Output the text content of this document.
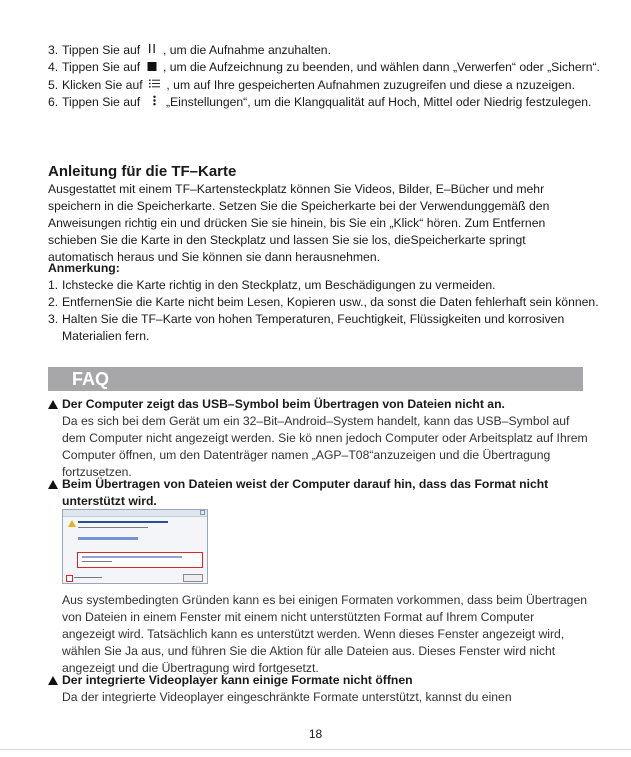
3. Tippen Sie auf , um die Aufnahme anzuhalten.
4. Tippen Sie auf , um die Aufzeichnung zu beenden, und wählen dann „Verwerfen“ oder „Sichern“.
5. Klicken Sie auf , um auf Ihre gespeicherten Aufnahmen zuzugreifen und diese a nzuzeigen.
6. Tippen Sie auf „Einstellungen“, um die Klangqualität auf Hoch, Mittel oder Niedrig festzulegen.
Anleitung für die TF–Karte

Ausgestattet mit einem TF–Kartensteckplatz können Sie Videos, Bilder, E–Bücher und mehr speichern in die Speicherkarte. Setzen Sie die Speicherkarte bei der Verwendunggemäß den Anweisungen richtig ein und drücken Sie sie hinein, bis Sie ein „Klick“ hören. Zum Entfernen schieben Sie die Karte in den Steckplatz und lassen Sie sie los, dieSpeicherkarte springt automatisch heraus und Sie können sie dann herausnehmen.

Anmerkung:

1. Ichstecke die Karte richtig in den Steckplatz, um Beschädigungen zu vermeiden.
2. EntfernenSie die Karte nicht beim Lesen, Kopieren usw., da sonst die Daten fehlerhaft sein können.
3. Halten Sie die TF–Karte von hohen Temperaturen, Feuchtigkeit, Flüssigkeiten und korrosiven Materialien fern.
FAQ
Der Computer zeigt das USB–Symbol beim Übertragen von Dateien nicht an.
Da es sich bei dem Gerät um ein 32–Bit–Android–System handelt, kann das USB–Symbol auf dem Computer nicht angezeigt werden. Sie kö nnen jedoch Computer oder Arbeitsplatz auf Ihrem Computer öffnen, um den Datenträger namen „AGP–T08“anzuzeigen und die Übertragung fortzusetzen.
Beim Übertragen von Dateien weist der Computer darauf hin, dass das Format nicht unterstützt wird.
Aus systembedingten Gründen kann es bei einigen Formaten vorkommen, dass beim Übertragen von Dateien in einem Fenster mit einem nicht unterstützten Format auf Ihrem Computer angezeigt wird. Tatsächlich kann es unterstützt werden. Wenn dieses Fenster angezeigt wird, wählen Sie Ja aus, und führen Sie die Aktion für alle Dateien aus. Dieses Fenster wird nicht angezeigt und die Übertragung wird fortgesetzt.
Der integrierte Videoplayer kann einige Formate nicht öffnen
Da der integrierte Videoplayer eingeschränkte Formate unterstützt, kannst du einen
18
